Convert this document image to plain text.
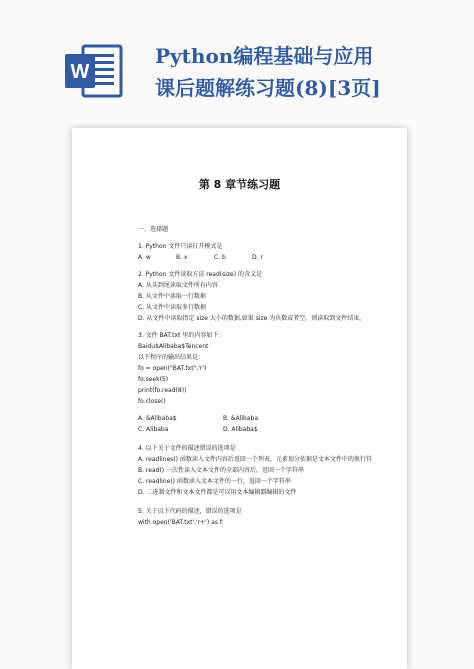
W
Python编程基础与应用
课后题解练习题(8)[3页]
第 8 章节练习题
一、选择题
1. Python 文件只读打开模式是
A. w	B. x	C. b	D. r
2. Python 文件读取方法 read(size) 的含义是
A. 从头到尾读取文件所有内容
B. 从文件中读取一行数据
C. 从文件中读取多行数据
D. 从文件中读取指定 size 大小的数据,如果 size 为负数或者空，则读取到文件结束。
3. 文件 BAT.txt 里的内容如下：
Baidu$Alibaba$Tencent
以下程序的输出结果是：
fo = open("BAT.txt",'r')
fo.seek(5)
print(fo.read(8))
fo.close()
A. &Alibaba$	B. &Alibaba
C. Alibaba	D. Alibaba$
4. 以下关于文件的描述错误的选项是
A. readlines() 函数读入文件内容后返回一个列表，元素划分依据是文本文件中的换行符
B. read() 一次性读入文本文件的全部内容后，返回一个字符串
C. readline() 函数读入文本文件的一行，返回一个字符串
D. 二进制文件和文本文件都是可以用文本编辑器编辑的文件
5. 关于以下代码的描述，错误的选项是
with open('BAT.txt','r+') as f:
